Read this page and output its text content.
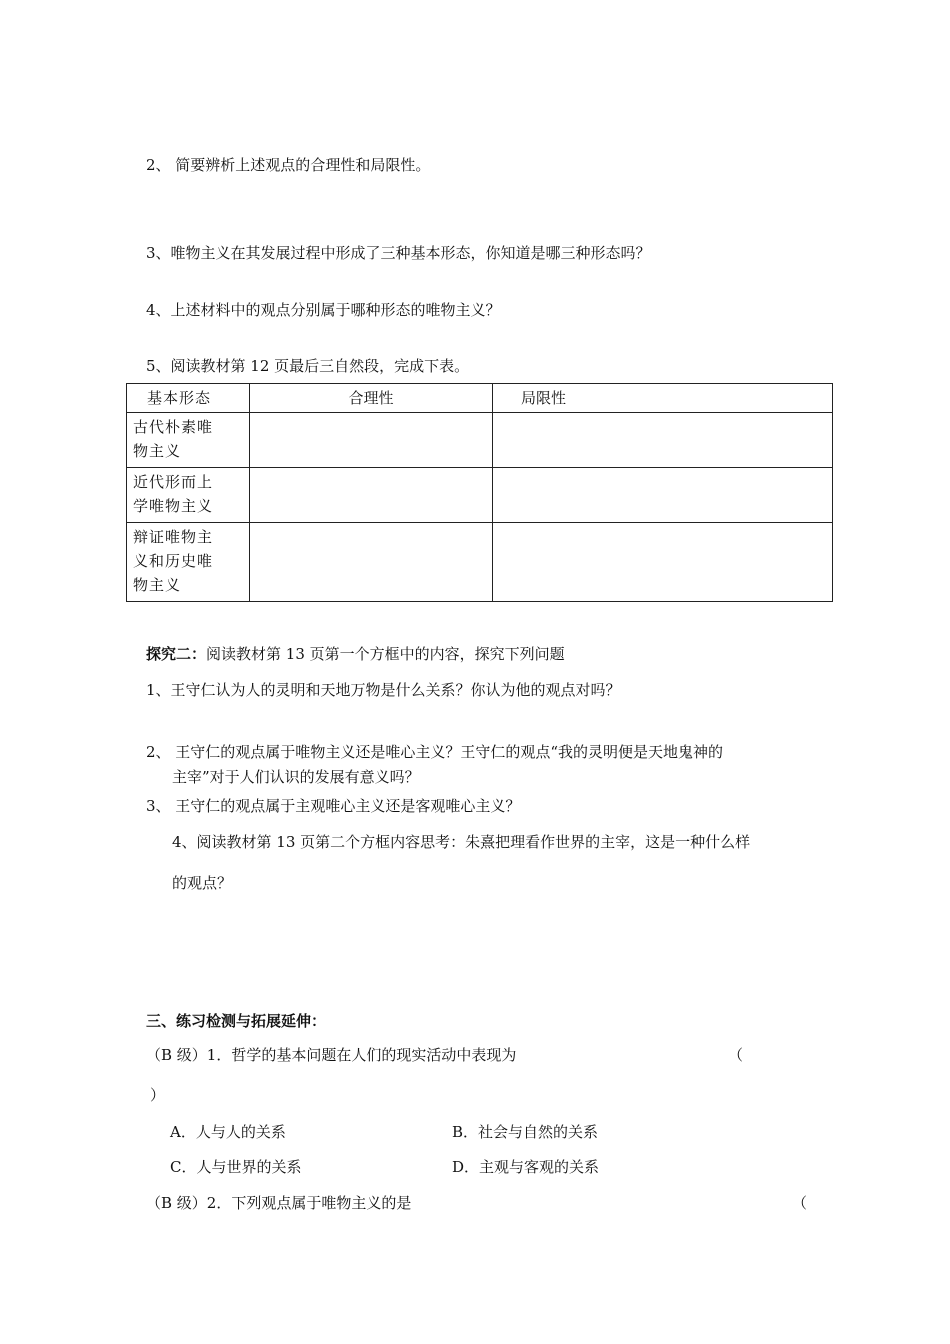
2、 简要辨析上述观点的合理性和局限性。
3、唯物主义在其发展过程中形成了三种基本形态，你知道是哪三种形态吗？
4、上述材料中的观点分别属于哪种形态的唯物主义？
5、阅读教材第 12 页最后三自然段，完成下表。
基本形态	合理性	局限性

古代朴素唯
物主义		

近代形而上
学唯物主义		

辩证唯物主
义和历史唯
物主义		

探究二：阅读教材第 13 页第一个方框中的内容，探究下列问题
1、王守仁认为人的灵明和天地万物是什么关系？你认为他的观点对吗？
2、 王守仁的观点属于唯物主义还是唯心主义？王守仁的观点“我的灵明便是天地鬼神的
主宰”对于人们认识的发展有意义吗？
3、 王守仁的观点属于主观唯心主义还是客观唯心主义？
4、阅读教材第 13 页第二个方框内容思考：朱熹把理看作世界的主宰，这是一种什么样
的观点？
三、练习检测与拓展延伸：
（B 级）1．哲学的基本问题在人们的现实活动中表现为	（
）
A．人与人的关系	B．社会与自然的关系
C．人与世界的关系	D．主观与客观的关系
（B 级）2．下列观点属于唯物主义的是	（
